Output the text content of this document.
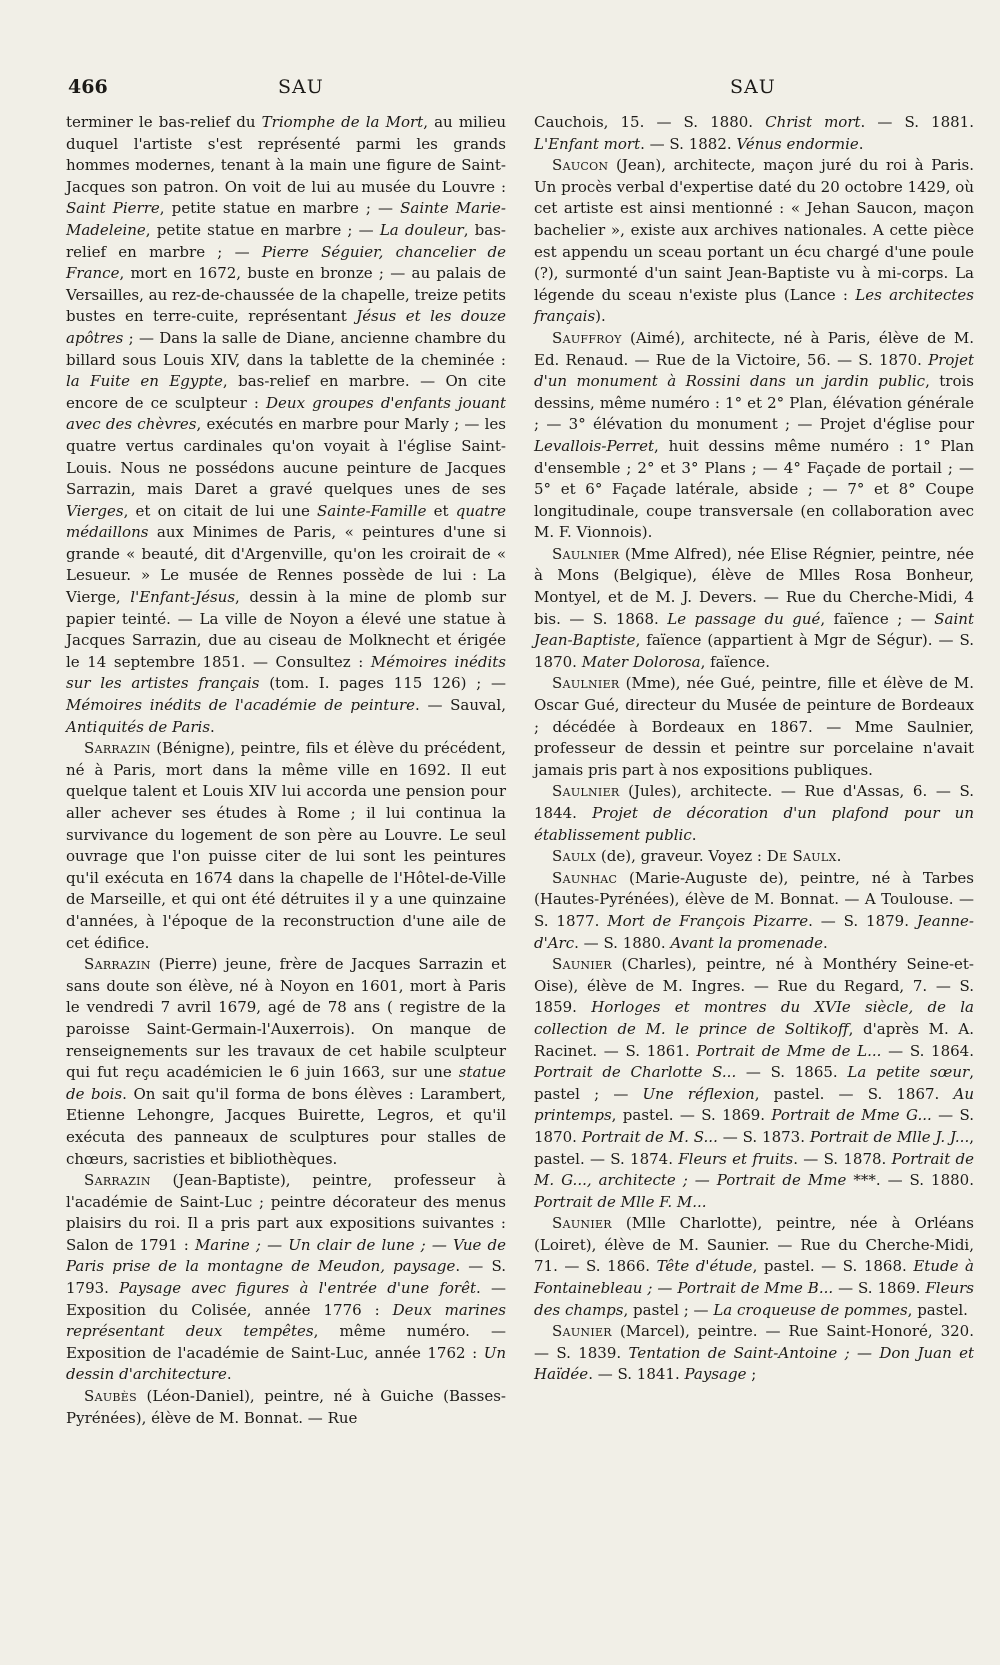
466	SAU	SAU

terminer le bas-relief du Triomphe de la Mort, au milieu duquel l'artiste s'est représenté parmi les grands hommes modernes, tenant à la main une figure de Saint-Jacques son patron. On voit de lui au musée du Louvre : Saint Pierre, petite statue en marbre ; — Sainte Marie-Madeleine, petite statue en marbre ; — La douleur, bas-relief en marbre ; — Pierre Séguier, chancelier de France, mort en 1672, buste en bronze ; — au palais de Versailles, au rez-de-chaussée de la chapelle, treize petits bustes en terre-cuite, représentant Jésus et les douze apôtres ; — Dans la salle de Diane, ancienne chambre du billard sous Louis XIV, dans la tablette de la cheminée : la Fuite en Egypte, bas-relief en marbre. — On cite encore de ce sculpteur : Deux groupes d'enfants jouant avec des chèvres, exécutés en marbre pour Marly ; — les quatre vertus cardinales qu'on voyait à l'église Saint-Louis. Nous ne possédons aucune peinture de Jacques Sarrazin, mais Daret a gravé quelques unes de ses Vierges, et on citait de lui une Sainte-Famille et quatre médaillons aux Minimes de Paris, « peintures d'une si grande « beauté, dit d'Argenville, qu'on les croirait de « Lesueur. » Le musée de Rennes possède de lui : La Vierge, l'Enfant-Jésus, dessin à la mine de plomb sur papier teinté. — La ville de Noyon a élevé une statue à Jacques Sarrazin, due au ciseau de Molknecht et érigée le 14 septembre 1851. — Consultez : Mémoires inédits sur les artistes français (tom. I. pages 115 126) ; — Mémoires inédits de l'académie de peinture. — Sauval, Antiquités de Paris.

Sarrazin (Bénigne), peintre, fils et élève du précédent, né à Paris, mort dans la même ville en 1692. Il eut quelque talent et Louis XIV lui accorda une pension pour aller achever ses études à Rome ; il lui continua la survivance du logement de son père au Louvre. Le seul ouvrage que l'on puisse citer de lui sont les peintures qu'il exécuta en 1674 dans la chapelle de l'Hôtel-de-Ville de Marseille, et qui ont été détruites il y a une quinzaine d'années, à l'époque de la reconstruction d'une aile de cet édifice.

Sarrazin (Pierre) jeune, frère de Jacques Sarrazin et sans doute son élève, né à Noyon en 1601, mort à Paris le vendredi 7 avril 1679, agé de 78 ans ( registre de la paroisse Saint-Germain-l'Auxerrois). On manque de renseignements sur les travaux de cet habile sculpteur qui fut reçu académicien le 6 juin 1663, sur une statue de bois. On sait qu'il forma de bons élèves : Larambert, Etienne Lehongre, Jacques Buirette, Legros, et qu'il exécuta des panneaux de sculptures pour stalles de chœurs, sacristies et bibliothèques.

Sarrazin (Jean-Baptiste), peintre, professeur à l'académie de Saint-Luc ; peintre décorateur des menus plaisirs du roi. Il a pris part aux expositions suivantes : Salon de 1791 : Marine ; — Un clair de lune ; — Vue de Paris prise de la montagne de Meudon, paysage. — S. 1793. Paysage avec figures à l'entrée d'une forêt. — Exposition du Colisée, année 1776 : Deux marines représentant deux tempêtes, même numéro. — Exposition de l'académie de Saint-Luc, année 1762 : Un dessin d'architecture.

Saubès (Léon-Daniel), peintre, né à Guiche (Basses-Pyrénées), élève de M. Bonnat. — Rue

Cauchois, 15. — S. 1880. Christ mort. — S. 1881. L'Enfant mort. — S. 1882. Vénus endormie.

Saucon (Jean), architecte, maçon juré du roi à Paris. Un procès verbal d'expertise daté du 20 octobre 1429, où cet artiste est ainsi mentionné : « Jehan Saucon, maçon bachelier », existe aux archives nationales. A cette pièce est appendu un sceau portant un écu chargé d'une poule (?), surmonté d'un saint Jean-Baptiste vu à mi-corps. La légende du sceau n'existe plus (Lance : Les architectes français).

Sauffroy (Aimé), architecte, né à Paris, élève de M. Ed. Renaud. — Rue de la Victoire, 56. — S. 1870. Projet d'un monument à Rossini dans un jardin public, trois dessins, même numéro : 1° et 2° Plan, élévation générale ; — 3° élévation du monument ; — Projet d'église pour Levallois-Perret, huit dessins même numéro : 1° Plan d'ensemble ; 2° et 3° Plans ; — 4° Façade de portail ; — 5° et 6° Façade latérale, abside ; — 7° et 8° Coupe longitudinale, coupe transversale (en collaboration avec M. F. Vionnois).

Saulnier (Mme Alfred), née Elise Régnier, peintre, née à Mons (Belgique), élève de Mlles Rosa Bonheur, Montyel, et de M. J. Devers. — Rue du Cherche-Midi, 4 bis. — S. 1868. Le passage du gué, faïence ; — Saint Jean-Baptiste, faïence (appartient à Mgr de Ségur). — S. 1870. Mater Dolorosa, faïence.

Saulnier (Mme), née Gué, peintre, fille et élève de M. Oscar Gué, directeur du Musée de peinture de Bordeaux ; décédée à Bordeaux en 1867. — Mme Saulnier, professeur de dessin et peintre sur porcelaine n'avait jamais pris part à nos expositions publiques.

Saulnier (Jules), architecte. — Rue d'Assas, 6. — S. 1844. Projet de décoration d'un plafond pour un établissement public.

Saulx (de), graveur. Voyez : De Saulx.

Saunhac (Marie-Auguste de), peintre, né à Tarbes (Hautes-Pyrénées), élève de M. Bonnat. — A Toulouse. — S. 1877. Mort de François Pizarre. — S. 1879. Jeanne-d'Arc. — S. 1880. Avant la promenade.

Saunier (Charles), peintre, né à Monthéry Seine-et-Oise), élève de M. Ingres. — Rue du Regard, 7. — S. 1859. Horloges et montres du XVIe siècle, de la collection de M. le prince de Soltikoff, d'après M. A. Racinet. — S. 1861. Portrait de Mme de L... — S. 1864. Portrait de Charlotte S... — S. 1865. La petite sœur, pastel ; — Une réflexion, pastel. — S. 1867. Au printemps, pastel. — S. 1869. Portrait de Mme G... — S. 1870. Portrait de M. S... — S. 1873. Portrait de Mlle J. J..., pastel. — S. 1874. Fleurs et fruits. — S. 1878. Portrait de M. G..., architecte ; — Portrait de Mme ***. — S. 1880. Portrait de Mlle F. M...

Saunier (Mlle Charlotte), peintre, née à Orléans (Loiret), élève de M. Saunier. — Rue du Cherche-Midi, 71. — S. 1866. Tête d'étude, pastel. — S. 1868. Etude à Fontainebleau ; — Portrait de Mme B... — S. 1869. Fleurs des champs, pastel ; — La croqueuse de pommes, pastel.

Saunier (Marcel), peintre. — Rue Saint-Honoré, 320. — S. 1839. Tentation de Saint-Antoine ; — Don Juan et Haïdée. — S. 1841. Paysage ;
